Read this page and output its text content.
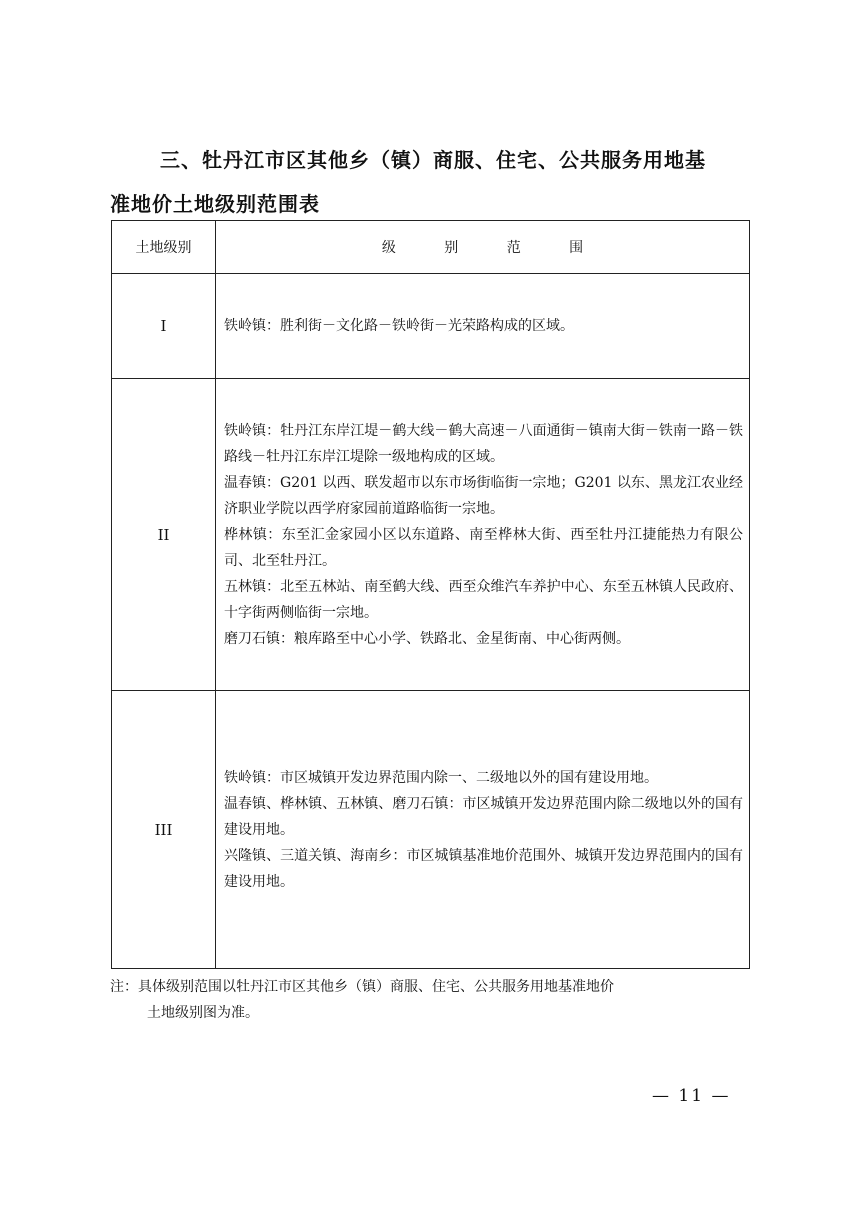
三、牡丹江市区其他乡（镇）商服、住宅、公共服务用地基
准地价土地级别范围表
土地级别	级 别 范 围
I	铁岭镇：胜利街－文化路－铁岭街－光荣路构成的区域。

II	铁岭镇：牡丹江东岸江堤－鹤大线－鹤大高速－八面通街－镇南大街－铁南一路－铁路线－牡丹江东岸江堤除一级地构成的区域。

温春镇：G201 以西、联发超市以东市场街临街一宗地；G201 以东、黑龙江农业经济职业学院以西学府家园前道路临街一宗地。

桦林镇：东至汇金家园小区以东道路、南至桦林大街、西至牡丹江捷能热力有限公司、北至牡丹江。

五林镇：北至五林站、南至鹤大线、西至众维汽车养护中心、东至五林镇人民政府、十字街两侧临街一宗地。

磨刀石镇：粮库路至中心小学、铁路北、金星街南、中心街两侧。

III	铁岭镇：市区城镇开发边界范围内除一、二级地以外的国有建设用地。

温春镇、桦林镇、五林镇、磨刀石镇：市区城镇开发边界范围内除二级地以外的国有建设用地。

兴隆镇、三道关镇、海南乡：市区城镇基准地价范围外、城镇开发边界范围内的国有建设用地。

注：具体级别范围以牡丹江市区其他乡（镇）商服、住宅、公共服务用地基准地价
土地级别图为准。
— 11 —
